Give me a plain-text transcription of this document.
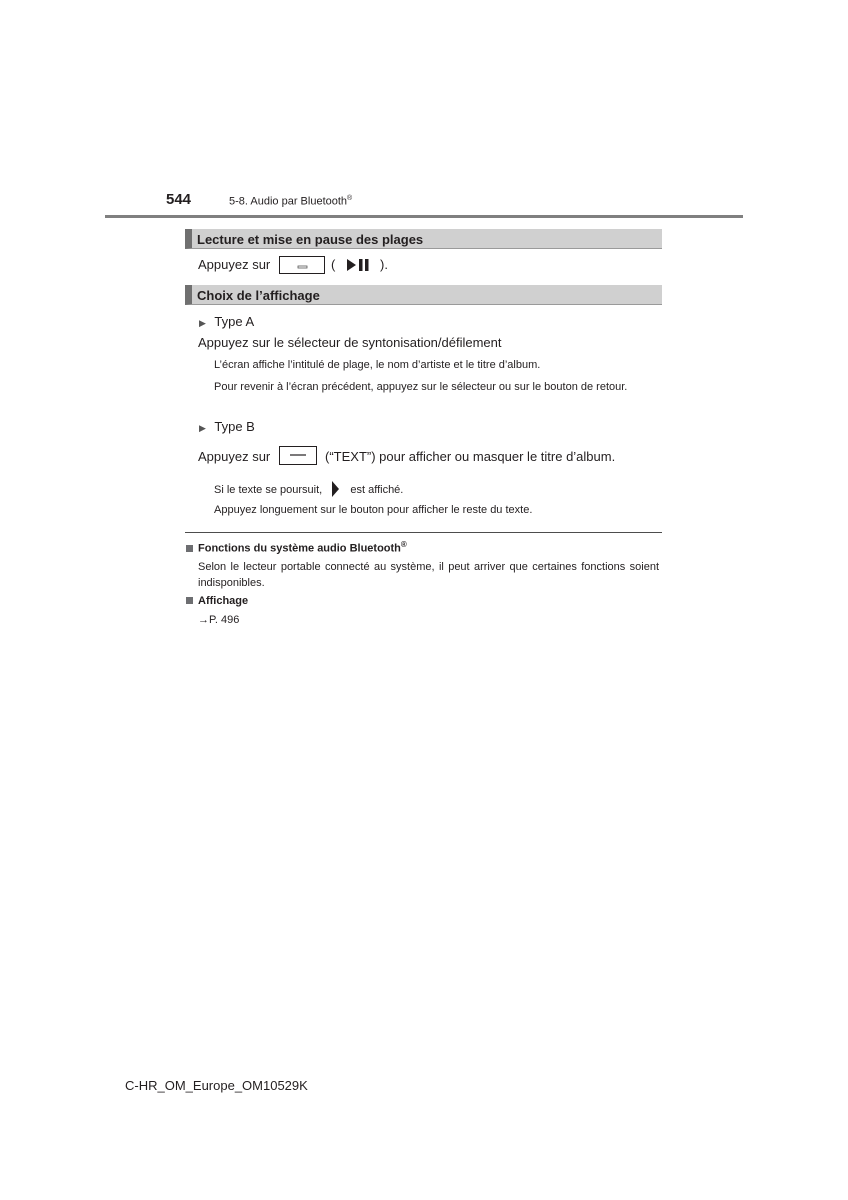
544	5-8. Audio par Bluetooth®
Lecture et mise en pause des plages
Appuyez sur	(	).
Choix de l’affichage
▶ Type A
Appuyez sur le sélecteur de syntonisation/défilement
L’écran affiche l’intitulé de plage, le nom d’artiste et le titre d’album.
Pour revenir à l’écran précédent, appuyez sur le sélecteur ou sur le bouton de retour.
▶ Type B
Appuyez sur	(“TEXT”) pour afficher ou masquer le titre d’album.
Si le texte se poursuit,	est affiché.
Appuyez longuement sur le bouton pour afficher le reste du texte.
Fonctions du système audio Bluetooth®
Selon le lecteur portable connecté au système, il peut arriver que certaines fonctions soient indisponibles.
Affichage
→P. 496
C-HR_OM_Europe_OM10529K
